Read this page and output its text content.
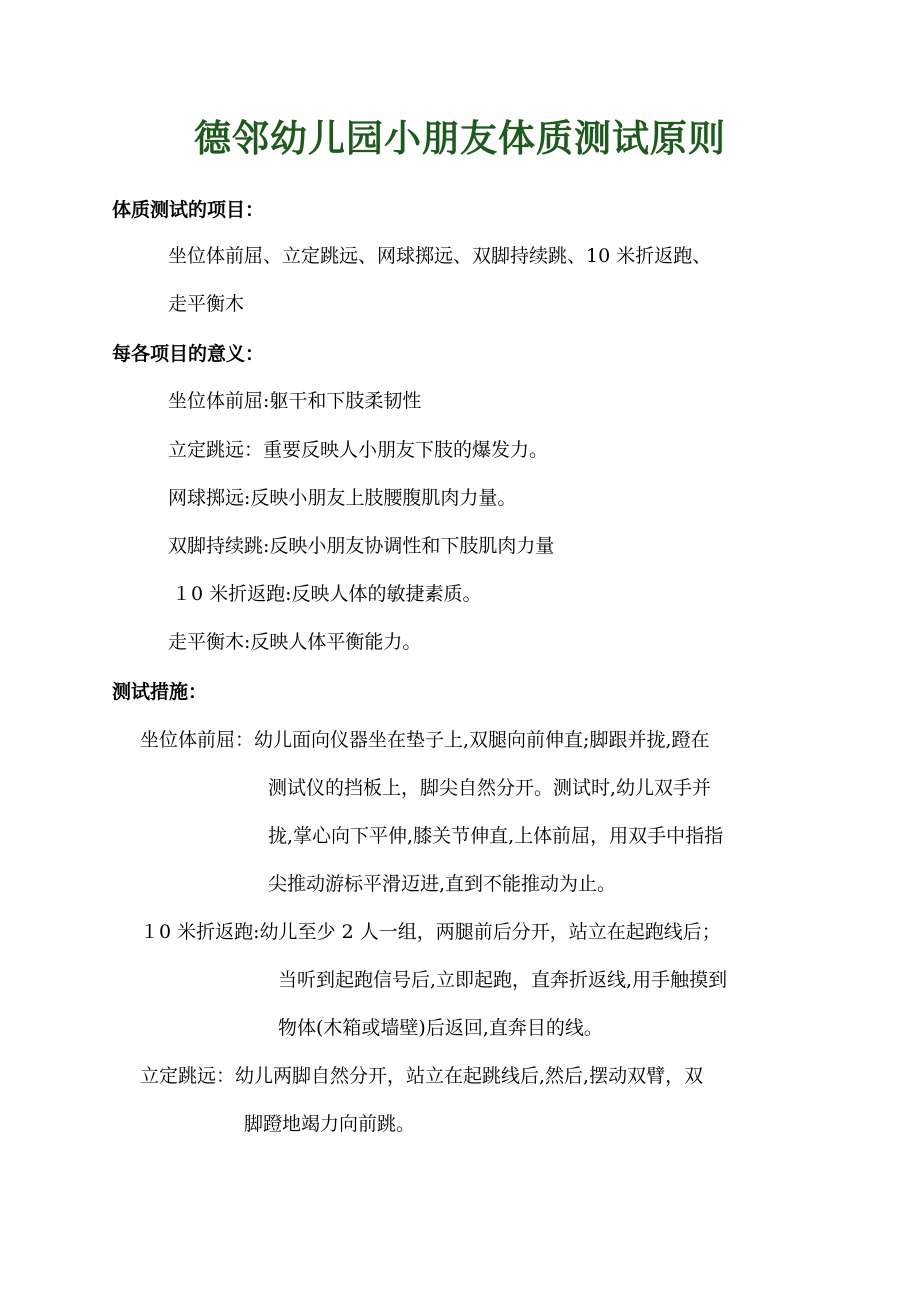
德邻幼儿园小朋友体质测试原则
体质测试的项目：
坐位体前屈、立定跳远、网球掷远、双脚持续跳、10 米折返跑、
走平衡木
每各项目的意义：
坐位体前屈:躯干和下肢柔韧性
立定跳远：重要反映人小朋友下肢的爆发力。
网球掷远:反映小朋友上肢腰腹肌肉力量。
双脚持续跳:反映小朋友协调性和下肢肌肉力量
１0 米折返跑:反映人体的敏捷素质。
走平衡木:反映人体平衡能力。
测试措施：
坐位体前屈：幼儿面向仪器坐在垫子上,双腿向前伸直;脚跟并拢,蹬在
测试仪的挡板上，脚尖自然分开。测试时,幼儿双手并
拢,掌心向下平伸,膝关节伸直,上体前屈，用双手中指指
尖推动游标平滑迈进,直到不能推动为止。
１0 米折返跑:幼儿至少 2 人一组，两腿前后分开，站立在起跑线后；
当听到起跑信号后,立即起跑，直奔折返线,用手触摸到
物体(木箱或墙壁)后返回,直奔目的线。
立定跳远：幼儿两脚自然分开，站立在起跳线后,然后,摆动双臂，双
脚蹬地竭力向前跳。
